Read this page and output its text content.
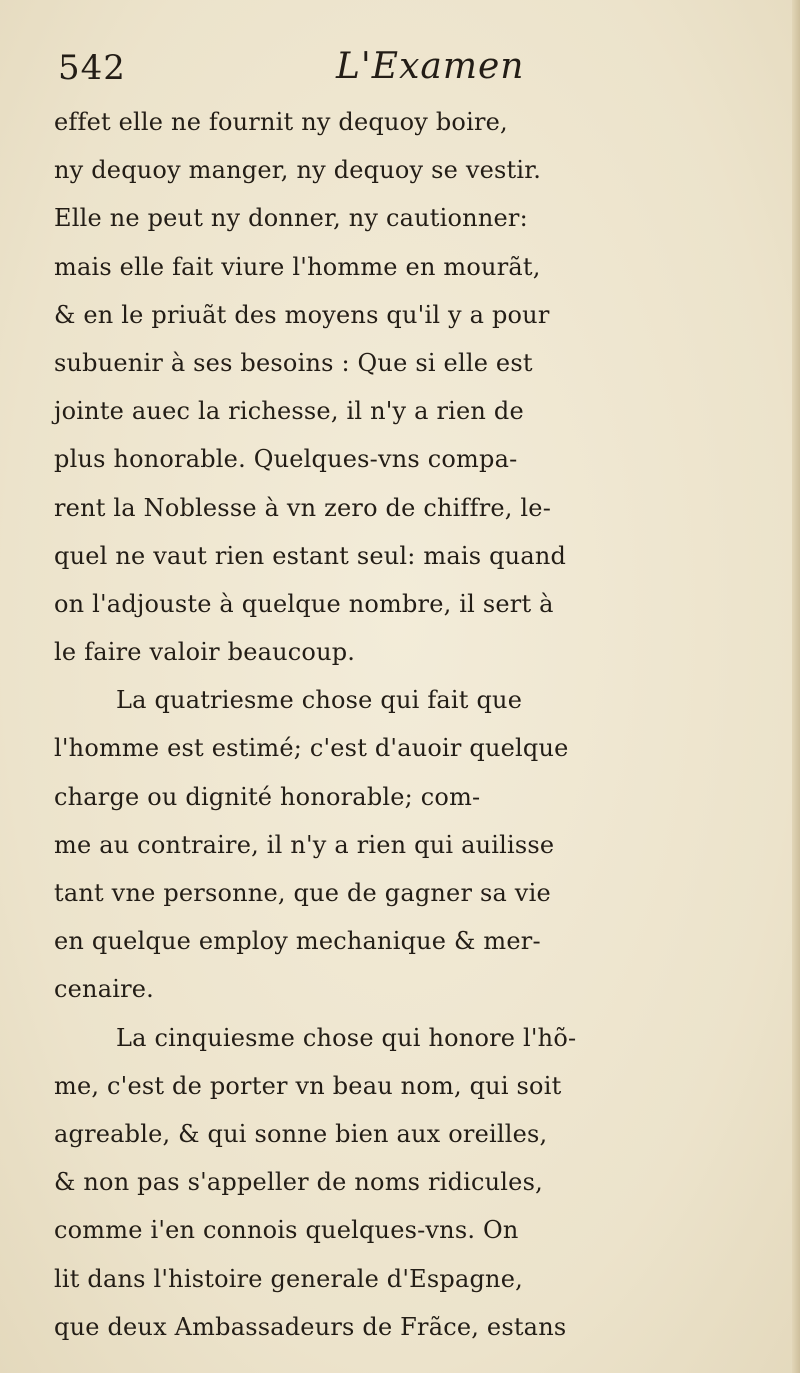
542	L'Examen
effet elle ne fournit ny dequoy boire,
ny dequoy manger, ny dequoy se vestir.
Elle ne peut ny donner, ny cautionner:
mais elle fait viure l'homme en mourãt,
& en le priuãt des moyens qu'il y a pour
subuenir à ses besoins : Que si elle est
jointe auec la richesse, il n'y a rien de
plus honorable. Quelques-vns compa-
rent la Noblesse à vn zero de chiffre, le-
quel ne vaut rien estant seul: mais quand
on l'adjouste à quelque nombre, il sert à
le faire valoir beaucoup.
La quatriesme chose qui fait que
l'homme est estimé; c'est d'auoir quelque
charge ou dignité honorable; com-
me au contraire, il n'y a rien qui auilisse
tant vne personne, que de gagner sa vie
en quelque employ mechanique & mer-
cenaire.
La cinquiesme chose qui honore l'hõ-
me, c'est de porter vn beau nom, qui soit
agreable, & qui sonne bien aux oreilles,
& non pas s'appeller de noms ridicules,
comme i'en connois quelques-vns. On
lit dans l'histoire generale d'Espagne,
que deux Ambassadeurs de Frãce, estans
